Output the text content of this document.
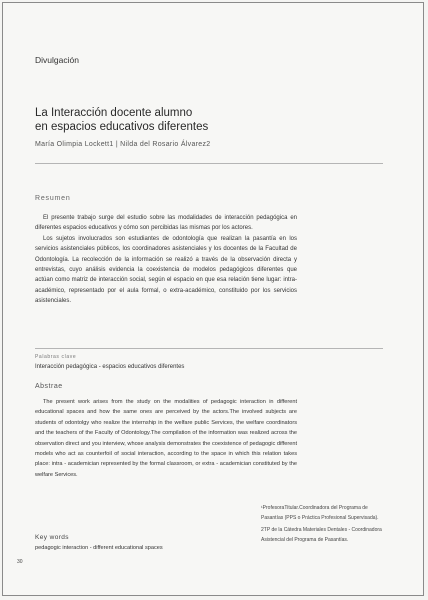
Divulgación
La Interacción docente alumno
en espacios educativos diferentes
María Olimpia Lockett1 | Nilda del Rosario Álvarez2
Resumen

El presente trabajo surge del estudio sobre las modalidades de interacción pedagógica en diferentes espacios educativos y cómo son percibidas las mismas por los actores.

Los sujetos involucrados son estudiantes de odontología que realizan la pasantía en los servicios asistenciales públicos, los coordinadores asistenciales y los docentes de la Facultad de Odontología. La recolección de la información se realizó a través de la observación directa y entrevistas, cuyo análisis evidencia la coexistencia de modelos pedagógicos diferentes que actúan como matriz de interacción social, según el espacio en que esa relación tiene lugar: intra-académico, representado por el aula formal, o extra-académico, constituido por los servicios asistenciales.

Palabras clave
Interacción pedagógica - espacios educativos diferentes
Abstrae

The present work arises from the study on the modalities of pedagogic interaction in different educational spaces and how the same ones are perceived by the actors.The involved subjects are students of odontolgy who realize the internship in the welfare public Services, the welfare coordinators and the teachers of the Faculty of Odontology.The compilation of the information was realized across the observation direct and you interview, whose analysis demonstrates the coexistence of pedagogic different models who act as counterfoil of social interaction, according to the space in which this relation takes place: intra - academician represented by the formal classroom, or extra - academician constituted by the welfare Services.

Key words
pedagogic interaction - different educational spaces
30

¹ProfesoraTitular.Coordinadora del Programa de Pasantías (PPS o Práctica Profesional Supervisada).

2TP de la Cátedra Materiales Dentales - Coordinadora Asistencial del Programa de Pasantías.
